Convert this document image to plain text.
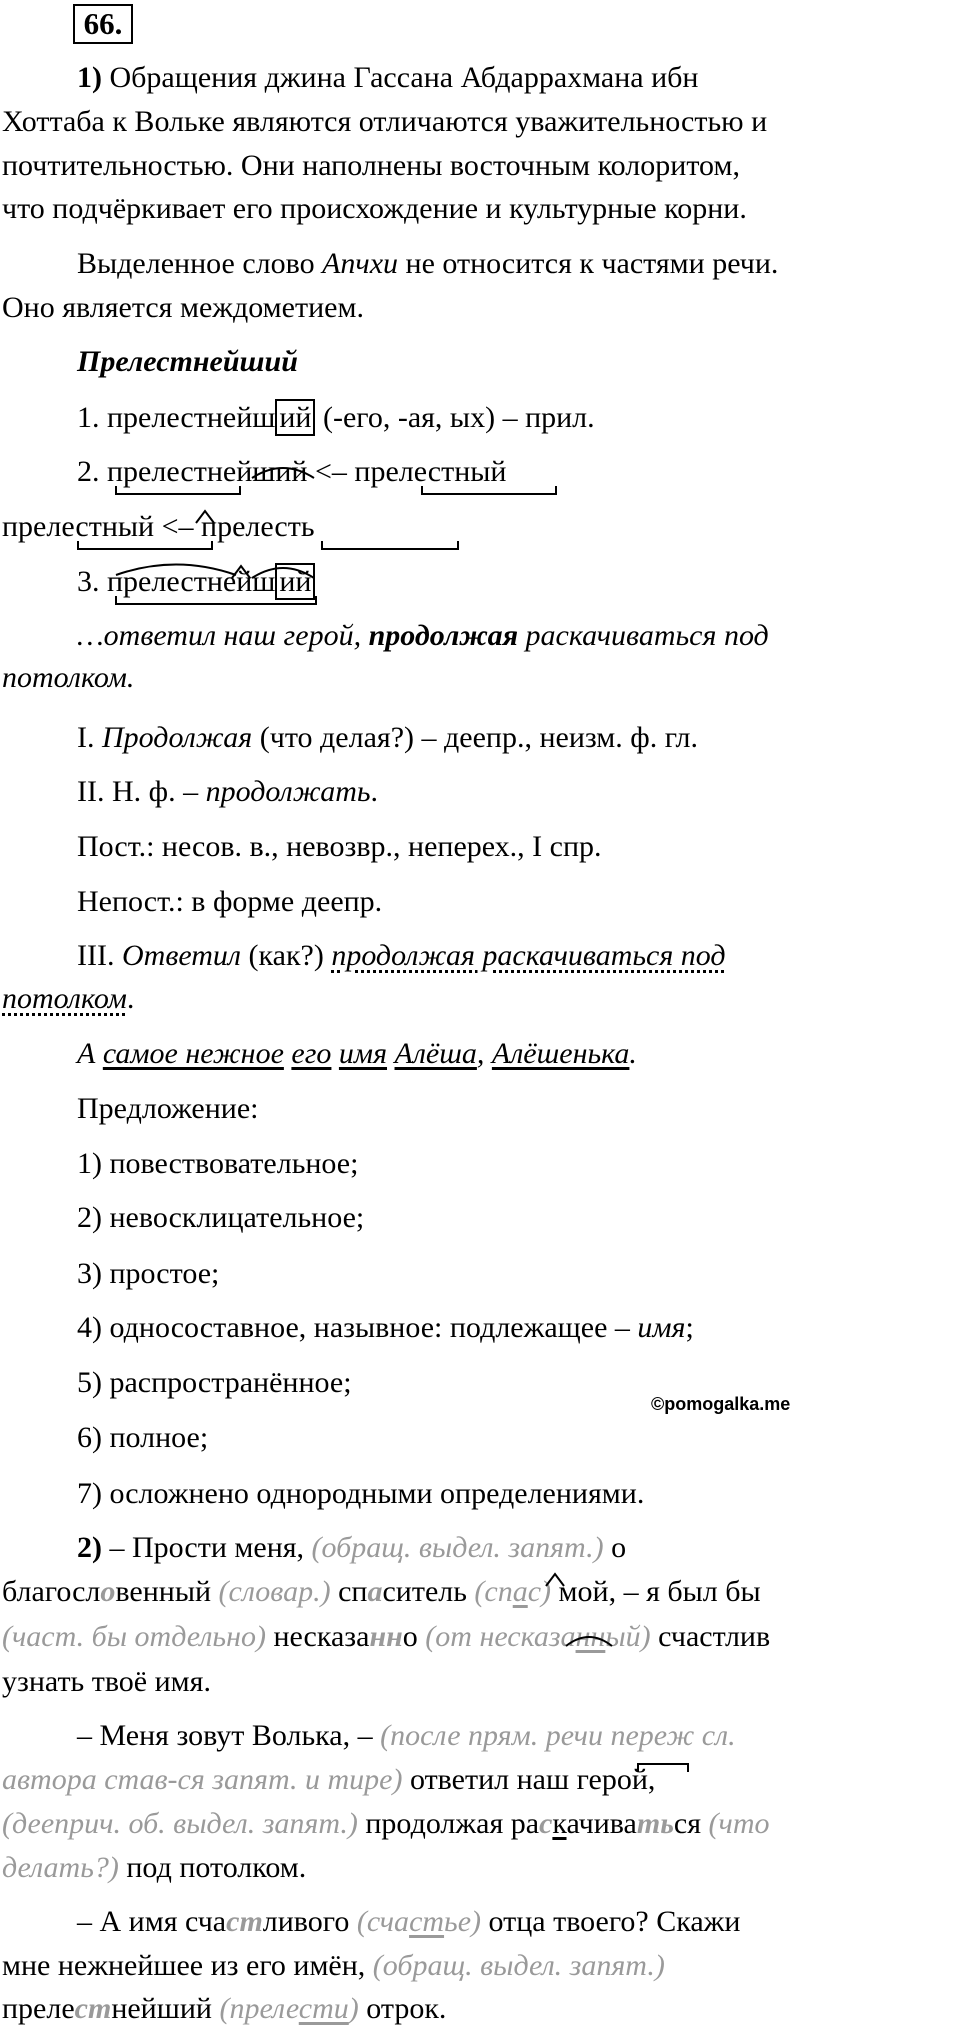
66.
1) Обращения джина Гассана Абдаррахмана ибн
Хоттаба к Вольке являются отличаются уважительностью и
почтительностью. Они наполнены восточным колоритом,
что подчёркивает его происхождение и культурные корни.
Выделенное слово Апчхи не относится к частями речи.
Оно является междометием.
Прелестнейший
1. прелестнейш ий (-его, -ая, ых) – прил.
2. прелестнейший <– прелестный
прелестный <– прелесть
3. прелестнейш ий
…ответил наш герой, продолжая раскачиваться под
потолком.
I. Продолжая (что делая?) – деепр., неизм. ф. гл.
II. Н. ф. – продолжать.
Пост.: несов. в., невозвр., неперех., I спр.
Непост.: в форме деепр.
III. Ответил (как?) продолжая раскачиваться под
потолком.
А самое нежное его имя Алёша, Алёшенька.
Предложение:
1) повествовательное;
2) невосклицательное;
3) простое;
4) односоставное, назывное: подлежащее – имя;
5) распространённое;
6) полное;
7) осложнено однородными определениями.
©pomogalka.me
2) – Прости меня, (обращ. выдел. запят.) о
благословенный (словар.) спаситель (спас) мой, – я был бы
(част. бы отдельно) несказанно (от несказанный) счастлив
узнать твоё имя.
– Меня зовут Волька, – (после прям. речи переж сл.
автора став-ся запят. и тире) ответил наш герой,
(дееприч. об. выдел. запят.) продолжая раскачиваться (что
делать?) под потолком.
– А имя счастливого (счастье) отца твоего? Скажи
мне нежнейшее из его имён, (обращ. выдел. запят.)
прелестнейший (прелести) отрок.
